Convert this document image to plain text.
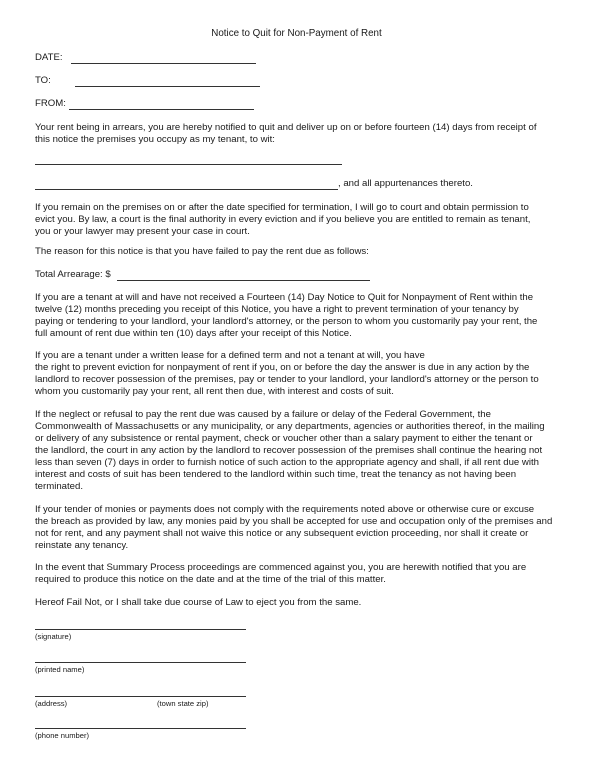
Notice to Quit for Non-Payment of Rent
DATE:
TO:
FROM:
Your rent being in arrears, you are hereby notified to quit and deliver up on or before fourteen (14) days from receipt of
this notice the premises you occupy as my tenant, to wit:
, and all appurtenances thereto.
If you remain on the premises on or after the date specified for termination, I will go to court and obtain permission to
evict you. By law, a court is the final authority in every eviction and if you believe you are entitled to remain as tenant,
you or your lawyer may present your case in court.
The reason for this notice is that you have failed to pay the rent due as follows:
Total Arrearage: $
If you are a tenant at will and have not received a Fourteen (14) Day Notice to Quit for Nonpayment of Rent within the
twelve (12) months preceding you receipt of this Notice, you have a right to prevent termination of your tenancy by
paying or tendering to your landlord, your landlord's attorney, or the person to whom you customarily pay your rent, the
full amount of rent due within ten (10) days after your receipt of this Notice.
If you are a tenant under a written lease for a defined term and not a tenant at will, you have
the right to prevent eviction for nonpayment of rent if you, on or before the day the answer is due in any action by the
landlord to recover possession of the premises, pay or tender to your landlord, your landlord's attorney or the person to
whom you customarily pay your rent, all rent then due, with interest and costs of suit.
If the neglect or refusal to pay the rent due was caused by a failure or delay of the Federal Government, the
Commonwealth of Massachusetts or any municipality, or any departments, agencies or authorities thereof, in the mailing
or delivery of any subsistence or rental payment, check or voucher other than a salary payment to either the tenant or
the landlord, the court in any action by the landlord to recover possession of the premises shall continue the hearing not
less than seven (7) days in order to furnish notice of such action to the appropriate agency and shall, if all rent due with
interest and costs of suit has been tendered to the landlord within such time, treat the tenancy as not having been
terminated.
If your tender of monies or payments does not comply with the requirements noted above or otherwise cure or excuse
the breach as provided by law, any monies paid by you shall be accepted for use and occupation only of the premises and
not for rent, and any payment shall not waive this notice or any subsequent eviction proceeding, nor shall it create or
reinstate any tenancy.
In the event that Summary Process proceedings are commenced against you, you are herewith notified that you are
required to produce this notice on the date and at the time of the trial of this matter.
Hereof Fail Not, or I shall take due course of Law to eject you from the same.
(signature)
(printed name)
(address)	(town state zip)
(phone number)
